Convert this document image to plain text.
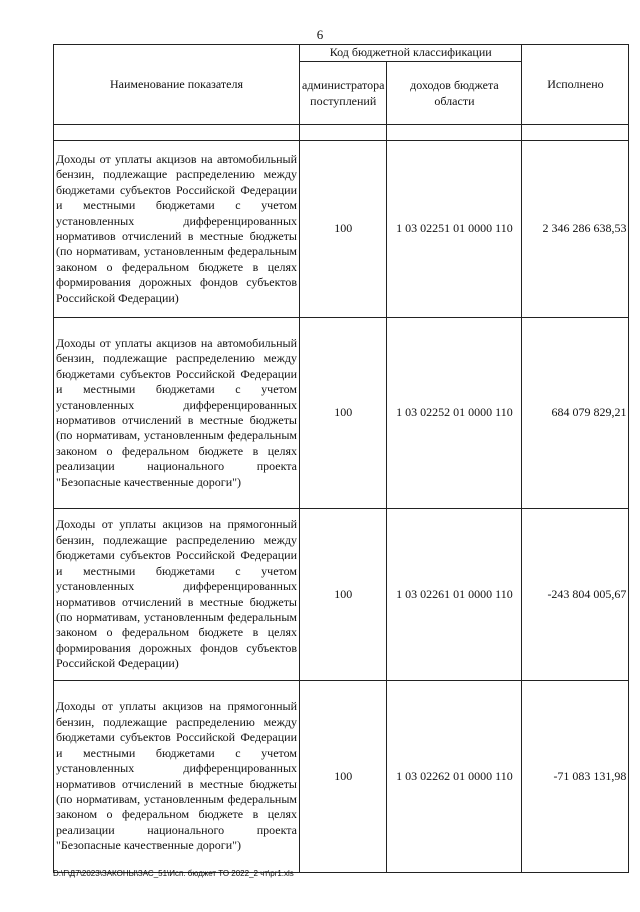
6
Наименование показателя	Код бюджетной классификации		Исполнено
	администратора поступлений	доходов бюджета области	

Доходы от уплаты акцизов на автомобильный бензин, подлежащие распределению между бюджетами субъектов Российской Федерации и местными бюджетами с учетом установленных дифференцированных нормативов отчислений в местные бюджеты (по нормативам, установленным федеральным законом о федеральном бюджете в целях формирования дорожных фондов субъектов Российской Федерации)	100	1 03 02251 01 0000 110	2 346 286 638,53
Доходы от уплаты акцизов на автомобильный бензин, подлежащие распределению между бюджетами субъектов Российской Федерации и местными бюджетами с учетом установленных дифференцированных нормативов отчислений в местные бюджеты (по нормативам, установленным федеральным законом о федеральном бюджете в целях реализации национального проекта "Безопасные качественные дороги")	100	1 03 02252 01 0000 110	684 079 829,21
Доходы от уплаты акцизов на прямогонный бензин, подлежащие распределению между бюджетами субъектов Российской Федерации и местными бюджетами с учетом установленных дифференцированных нормативов отчислений в местные бюджеты (по нормативам, установленным федеральным законом о федеральном бюджете в целях формирования дорожных фондов субъектов Российской Федерации)	100	1 03 02261 01 0000 110	-243 804 005,67
Доходы от уплаты акцизов на прямогонный бензин, подлежащие распределению между бюджетами субъектов Российской Федерации и местными бюджетами с учетом установленных дифференцированных нормативов отчислений в местные бюджеты (по нормативам, установленным федеральным законом о федеральном бюджете в целях реализации национального проекта "Безопасные качественные дороги")	100	1 03 02262 01 0000 110	-71 083 131,98
D:\Г\Д7\2023\ЗАКОНЫ\ЗАС_51\Исп. бюджет ТО 2022_2 чт\pr1.xls
